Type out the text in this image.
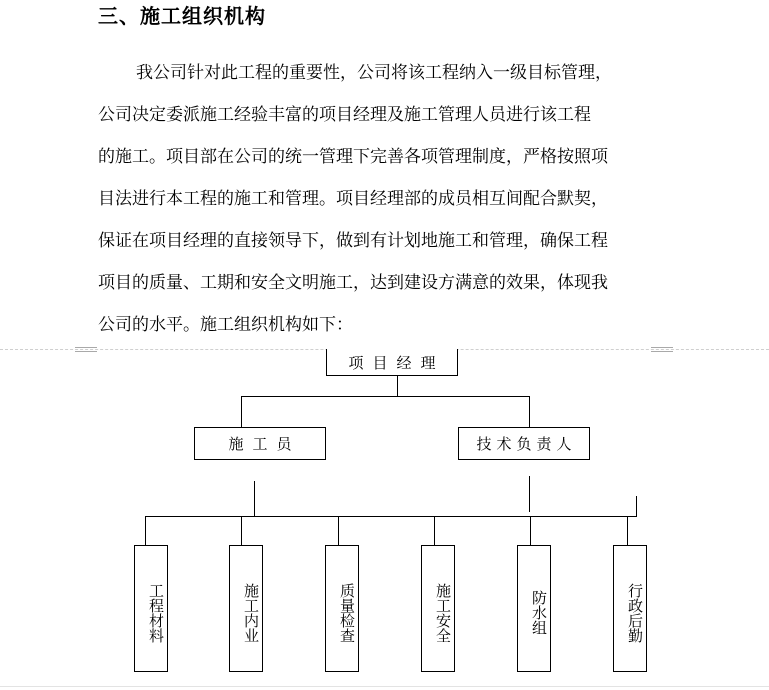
三、施工组织机构
我公司针对此工程的重要性，公司将该工程纳入一级目标管理，
公司决定委派施工经验丰富的项目经理及施工管理人员进行该工程
的施工。项目部在公司的统一管理下完善各项管理制度，严格按照项
目法进行本工程的施工和管理。项目经理部的成员相互间配合默契，
保证在项目经理的直接领导下，做到有计划地施工和管理，确保工程
项目的质量、工期和安全文明施工，达到建设方满意的效果，体现我
公司的水平。施工组织机构如下：
项目经理
施工员	技术负责人
工程材料	施工内业	质量检查	施工安全	防水组	行政后勤
